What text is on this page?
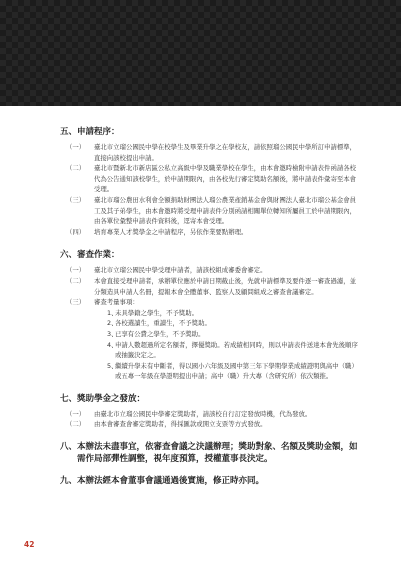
五、申請程序：

（一） 臺北市立瑠公國民中學在校學生及畢業升學之在學校友，請依照瑠公國民中學所訂申請標準，直接向該校提出申請。
（二） 臺北市暨新北市新店區公私立高級中學及職業學校在學生，由本會邀時檢附申請表件函請各校代為公告通知該校學生，於申請期限內，由各校先行審定獎助名額後，將申請表件彙寄至本會受理。
（三） 臺北市瑠公農田水利會全額捐助財團法人瑠公農業產銷基金會與財團法人臺北市瑠公基金會員工及其子弟學生，由本會邀時將受理申請表件分別函請相關單位轉知所屬員工於申請期限內，由各單位彙整申請表件資料後，逕寄本會受理。
（四） 培育專業人才獎學金之申請程序，另依作業要點辦理。

六、審查作業：

（一） 臺北市立瑠公國民中學受理申請者，請該校組成審委會審定。
（二） 本會直接受理申請者，承辦單位應於申請日期截止後，先就申請標準及要件逐一審查過濾，並分類造具申請人名冊，提報本會全體董事、監察人及顧問組成之審查會議審定。
（三） 審查考量事項：
1、
未具學籍之學生，不予獎助。
2、
各校選讀生，重讀生，不予獎助。
3、
已享有公費之學生，不予獎助。
4、
申請人數超過所定名額者，擇優獎助。若成績相同時，則以申請表件送達本會先後順序或抽籤決定之。
5、
繼續升學未有中斷者，得以國小六年級及國中第三年下學期學業成績證明與高中（職）或五專一年級在學證明提出申請；高中（職）升大專（含研究所）依次類推。

七、獎助學金之發放：

（一） 由臺北市立瑠公國民中學審定獎助者，請該校自行訂定發放時機，代為發放。
（二） 由本會審查會審定獎助者，得採匯款或開立支票等方式發放。

八、本辦法未盡事宜，依審查會議之決議辦理；獎助對象、名額及獎助金額，如需作局部彈性調整，視年度預算，授權董事長決定。

九、本辦法經本會董事會議通過後實施，修正時亦同。

42
